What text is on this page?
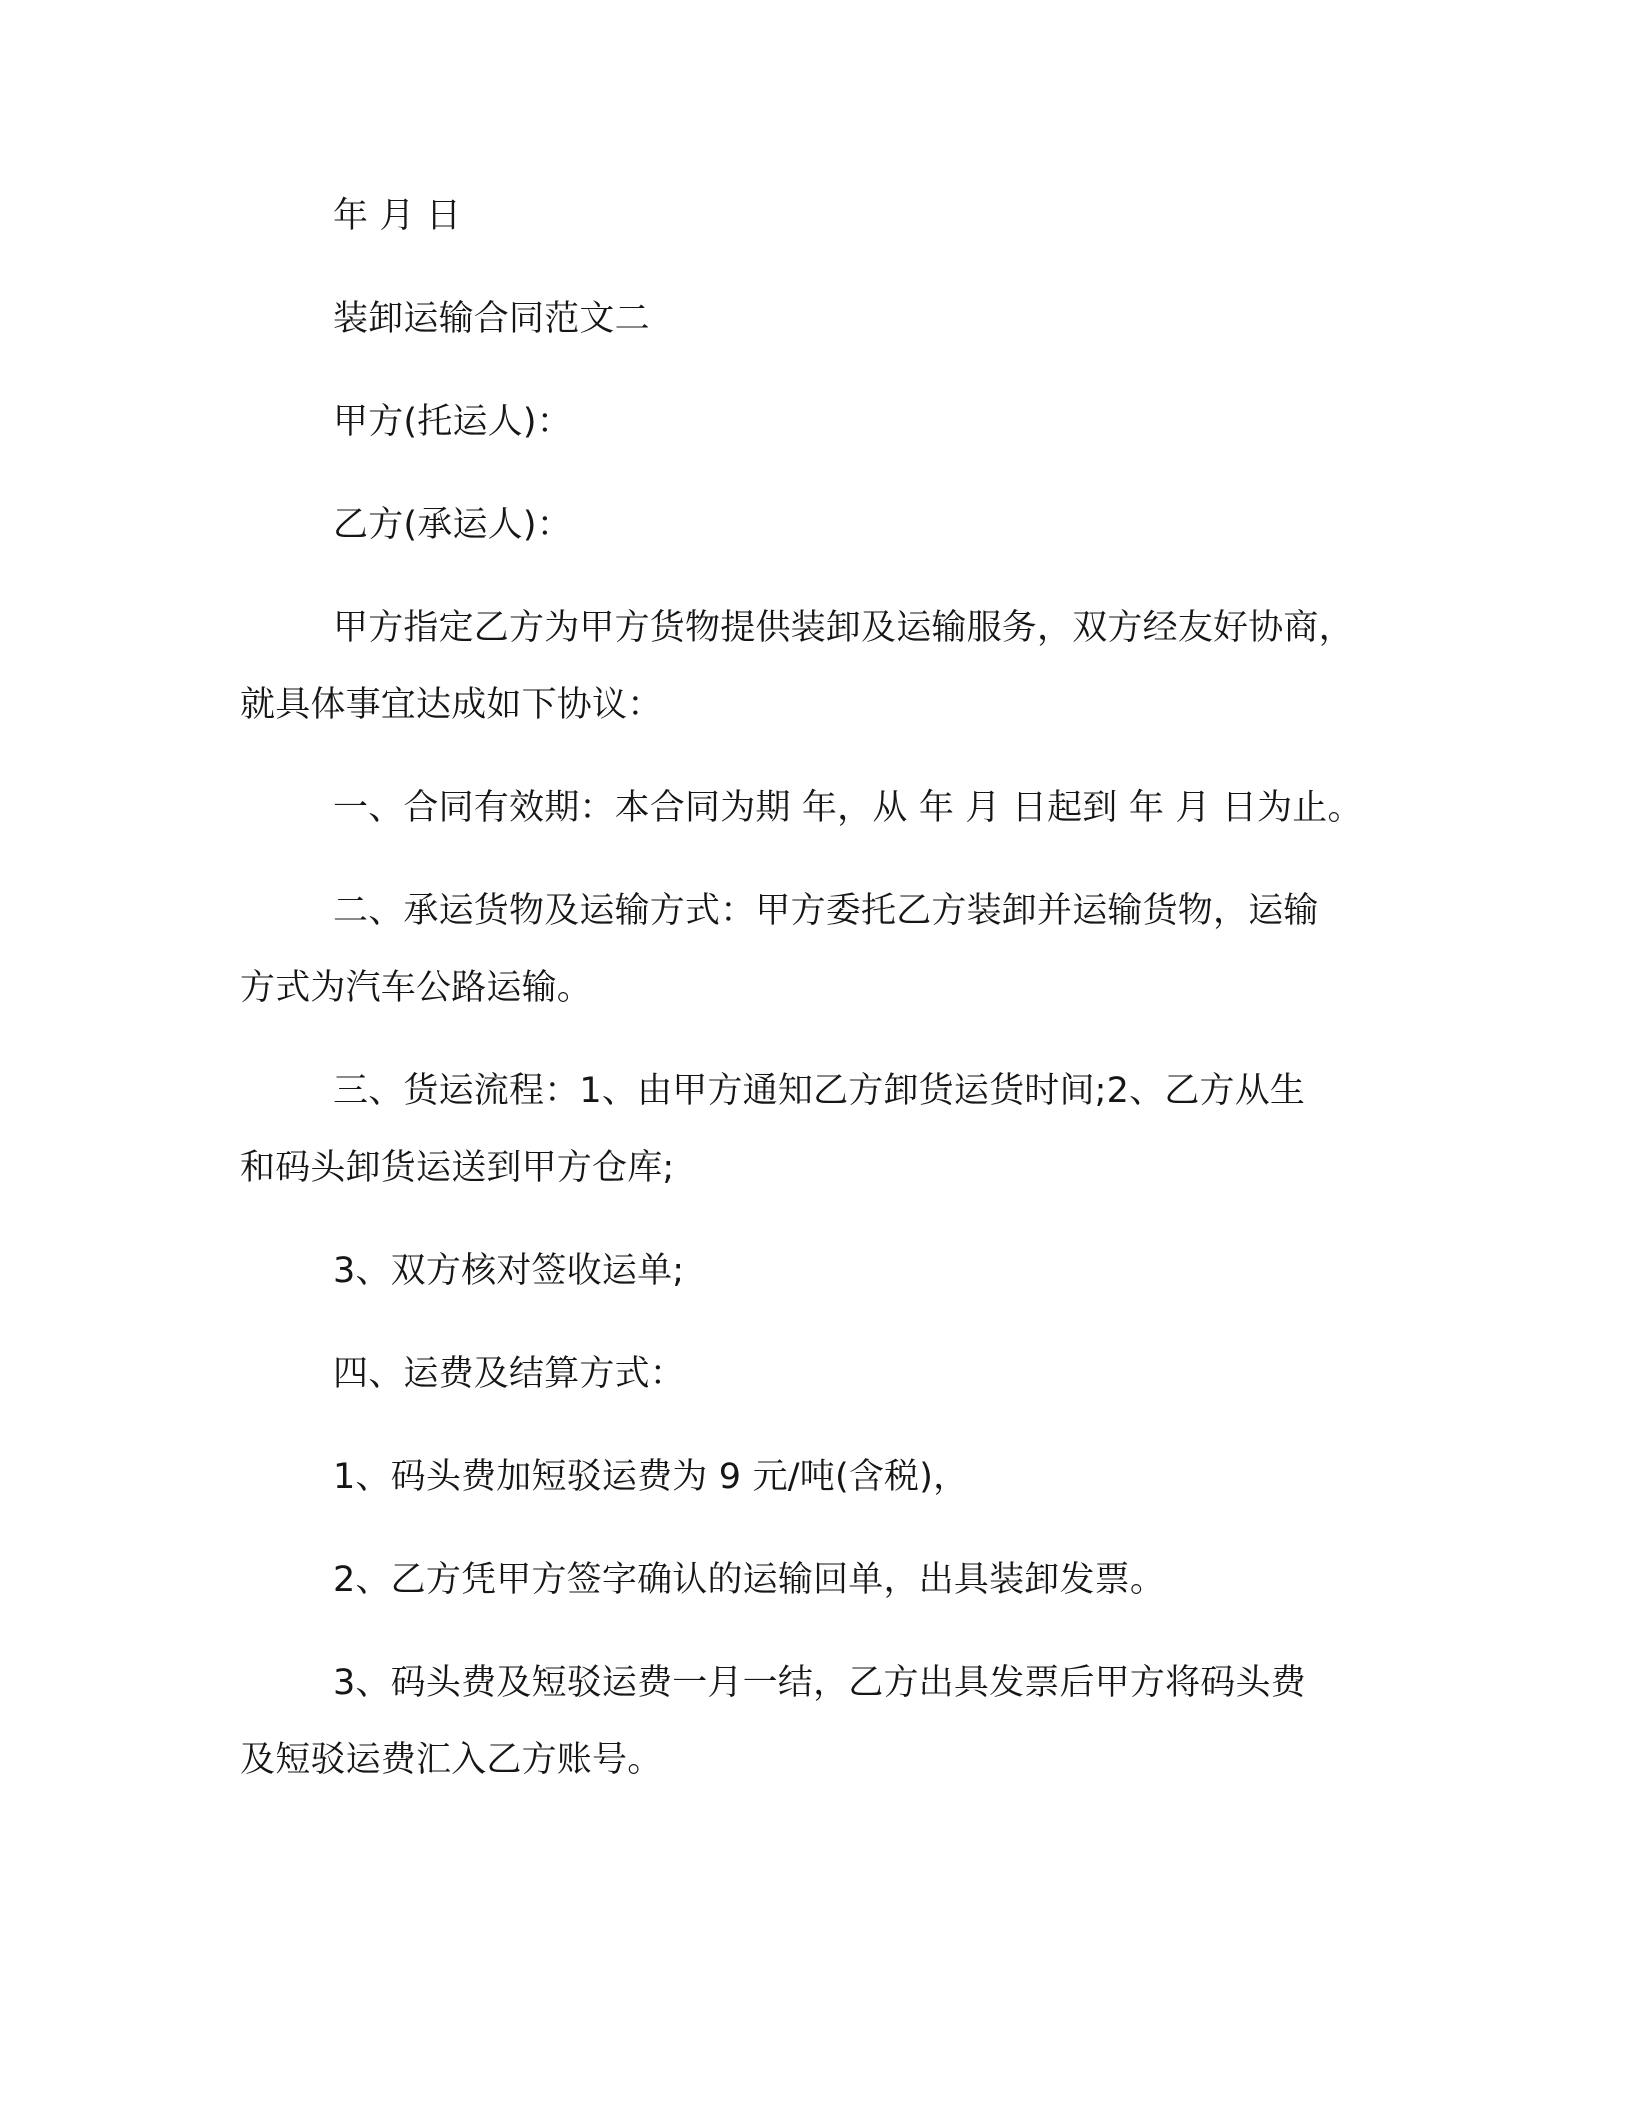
年 月 日
装卸运输合同范文二
甲方(托运人)：
乙方(承运人)：
甲方指定乙方为甲方货物提供装卸及运输服务，双方经友好协商，
就具体事宜达成如下协议：
一、合同有效期：本合同为期 年，从 年 月 日起到 年 月 日为止。
二、承运货物及运输方式：甲方委托乙方装卸并运输货物，运输
方式为汽车公路运输。
三、货运流程：1、由甲方通知乙方卸货运货时间;2、乙方从生
和码头卸货运送到甲方仓库;
3、双方核对签收运单;
四、运费及结算方式：
1、码头费加短驳运费为 9 元/吨(含税)，
2、乙方凭甲方签字确认的运输回单，出具装卸发票。
3、码头费及短驳运费一月一结，乙方出具发票后甲方将码头费
及短驳运费汇入乙方账号。
